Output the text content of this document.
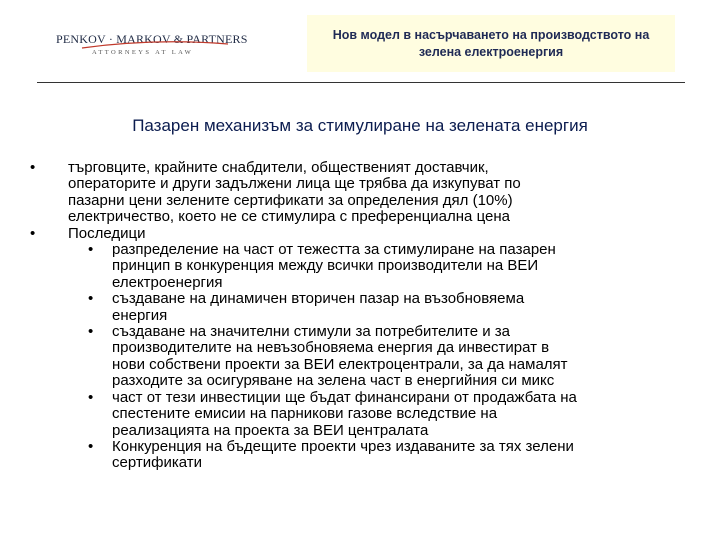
PENKOV · MARKOV & PARTNERS
ATTORNEYS AT LAW
Нов модел в насърчаването на производството на
зелена електроенергия
Пазарен механизъм за стимулиране на зелената енергия
• търговците, крайните снабдители, общественият доставчик,
операторите и други задължени лица ще трябва да изкупуват по
пазарни цени зелените сертификати за определения дял (10%)
електричество, което не се стимулира с преференциална цена
• Последици
• разпределение на част от тежестта за стимулиране на пазарен
принцип в конкуренция между всички производители на ВЕИ
електроенергия
• създаване на динамичен вторичен пазар на възобновяема
енергия
• създаване на значителни стимули за потребителите и за
производителите на невъзобновяема енергия да инвестират в
нови собствени проекти за ВЕИ електроцентрали, за да намалят
разходите за осигуряване на зелена част в енергийния си микс
• част от тези инвестиции ще бъдат финансирани от продажбата на
спестените емисии на парникови газове вследствие на
реализацията на проекта за ВЕИ централата
• Конкуренция на бъдещите проекти чрез издаваните за тях зелени
сертификати
